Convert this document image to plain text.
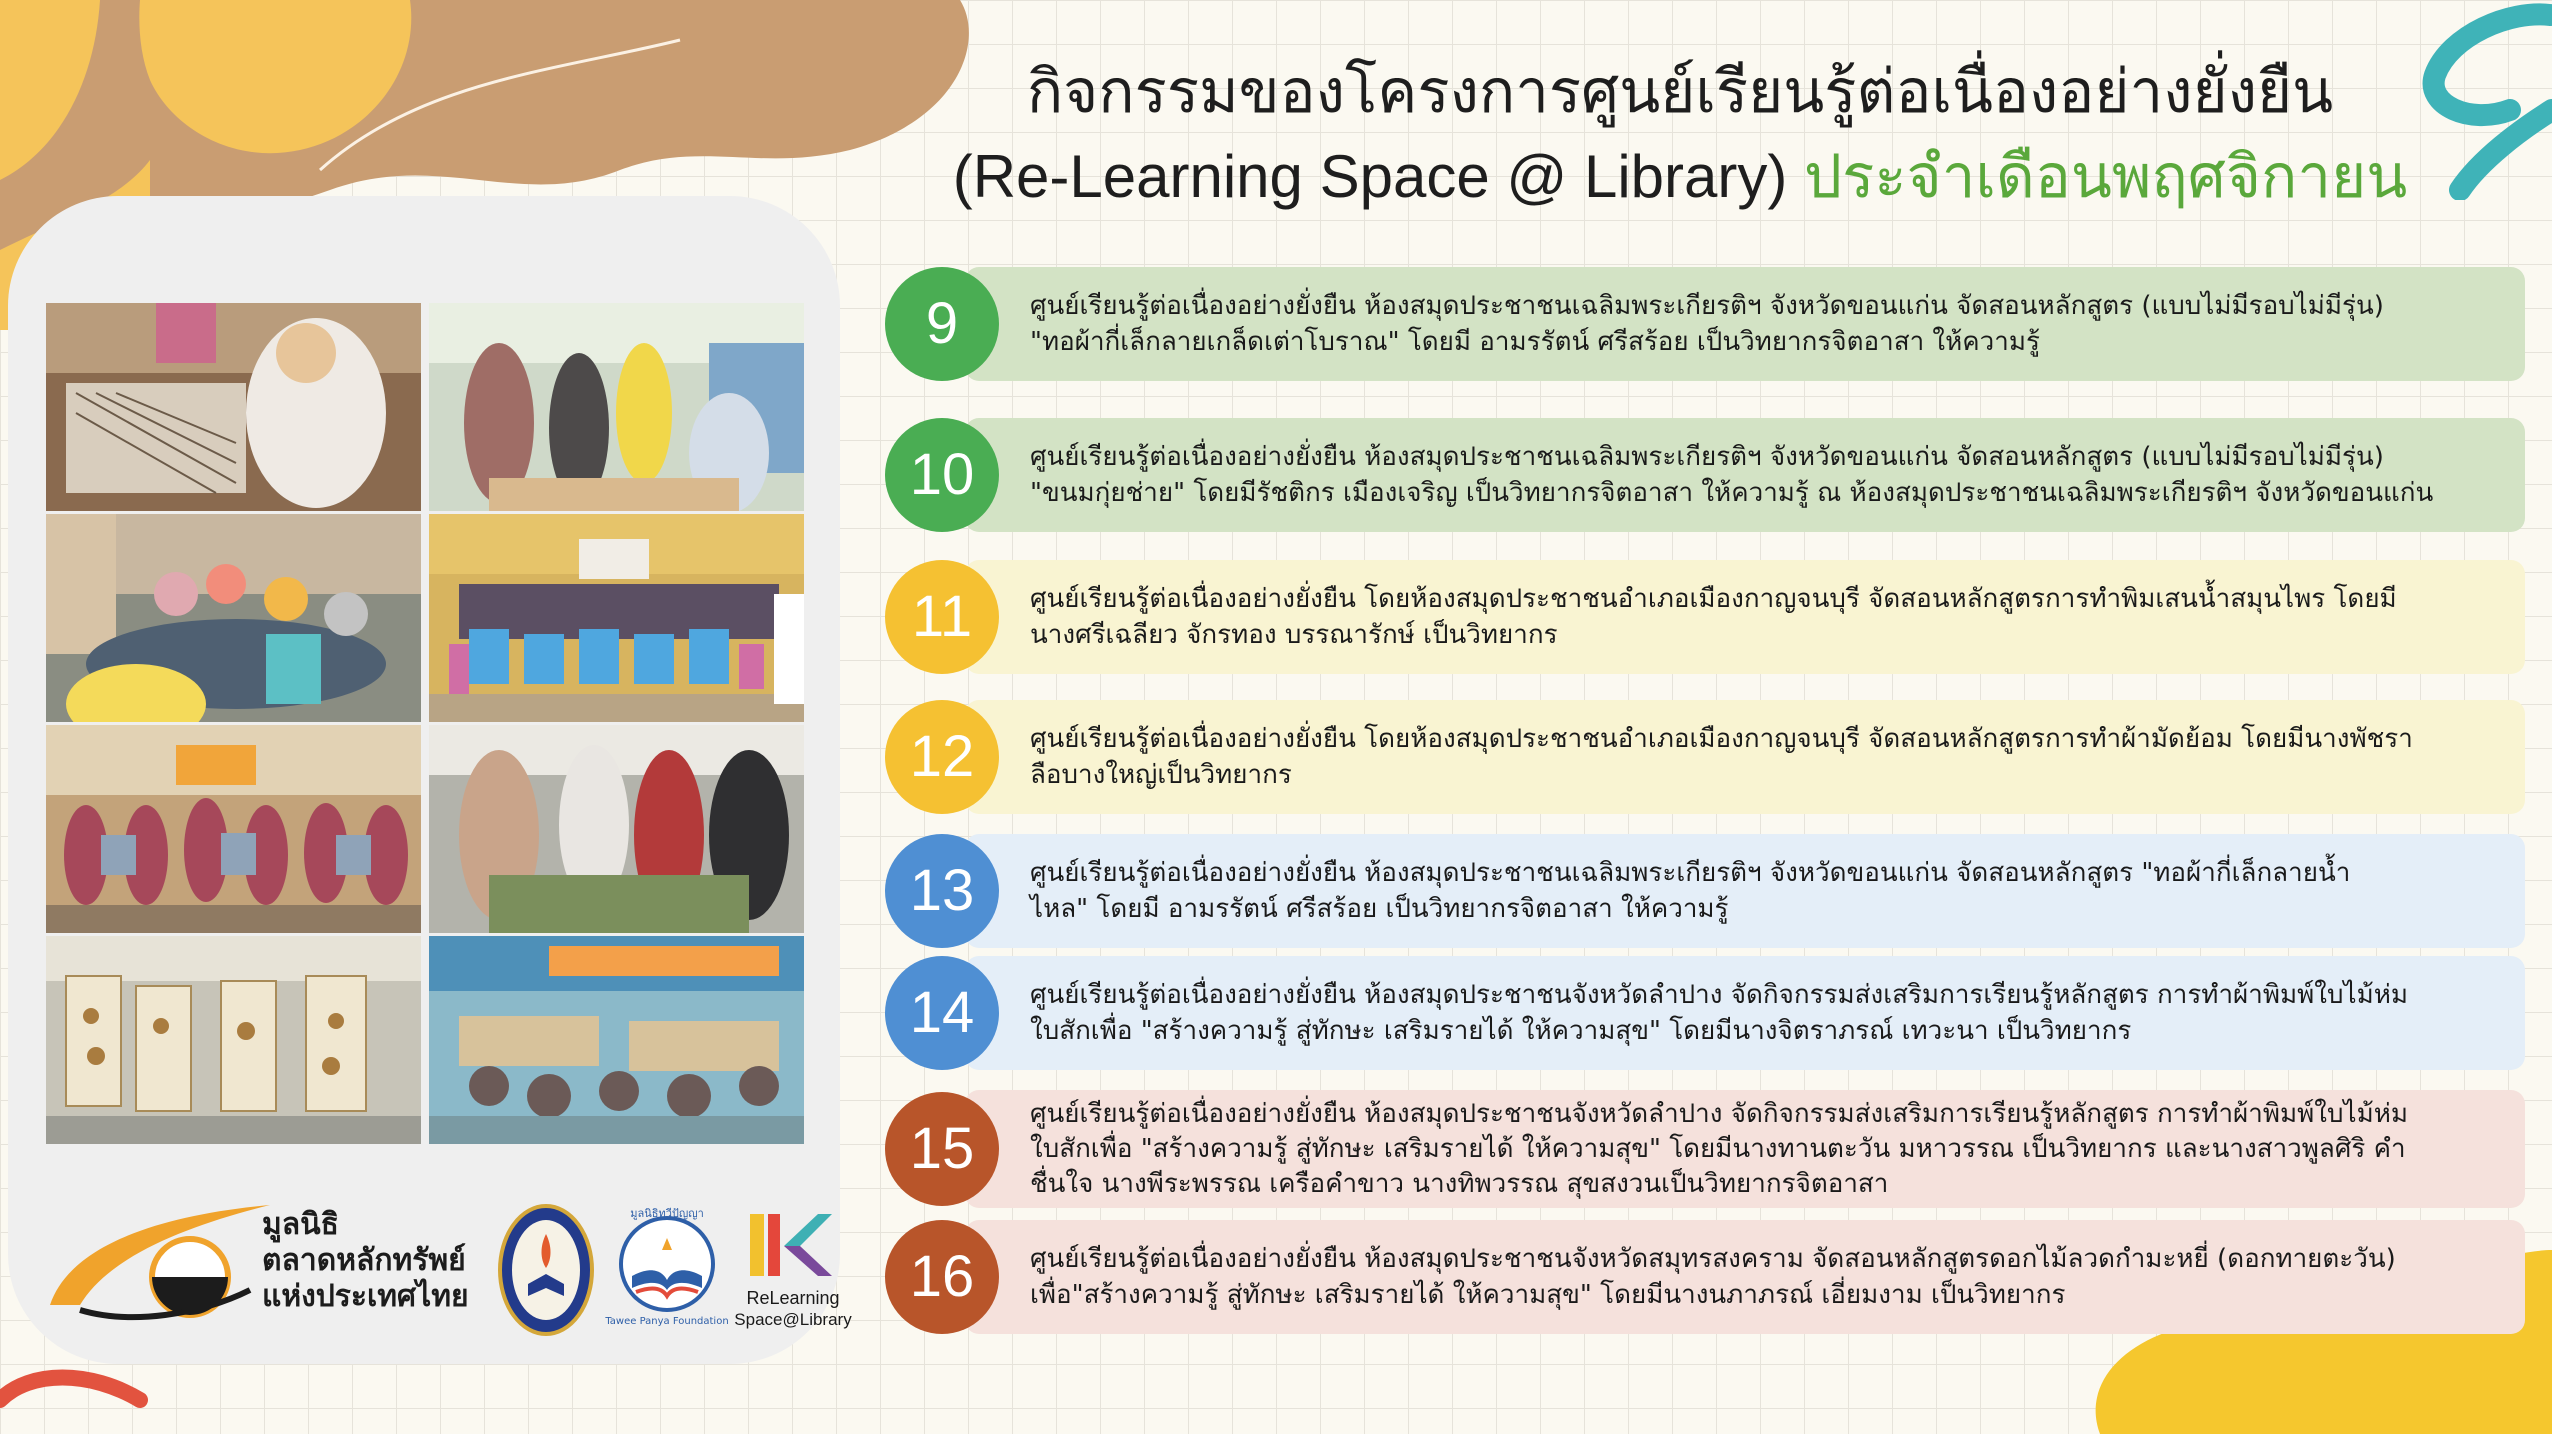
กิจกรรมของโครงการศูนย์เรียนรู้ต่อเนื่องอย่างยั่งยืน
(Re-Learning Space @ Library) ประจำเดือนพฤศจิกายน
มูลนิธิ
ตลาดหลักทรัพย์
แห่งประเทศไทย
มูลนิธิทวีปัญญา
Tawee Panya Foundation
ReLearning
Space@Library
9	ศูนย์เรียนรู้ต่อเนื่องอย่างยั่งยืน ห้องสมุดประชาชนเฉลิมพระเกียรติฯ จังหวัดขอนแก่น จัดสอนหลักสูตร (แบบไม่มีรอบไม่มีรุ่น)
"ทอผ้ากี่เล็กลายเกล็ดเต่าโบราณ" โดยมี อามรรัตน์ ศรีสร้อย เป็นวิทยากรจิตอาสา ให้ความรู้
10	ศูนย์เรียนรู้ต่อเนื่องอย่างยั่งยืน ห้องสมุดประชาชนเฉลิมพระเกียรติฯ จังหวัดขอนแก่น จัดสอนหลักสูตร (แบบไม่มีรอบไม่มีรุ่น)
"ขนมกุ่ยช่าย" โดยมีรัชติกร เมืองเจริญ เป็นวิทยากรจิตอาสา ให้ความรู้ ณ ห้องสมุดประชาชนเฉลิมพระเกียรติฯ จังหวัดขอนแก่น
11	ศูนย์เรียนรู้ต่อเนื่องอย่างยั่งยืน โดยห้องสมุดประชาชนอำเภอเมืองกาญจนบุรี จัดสอนหลักสูตรการทำพิมเสนน้ำสมุนไพร โดยมี
นางศรีเฉลียว จักรทอง บรรณารักษ์ เป็นวิทยากร
12	ศูนย์เรียนรู้ต่อเนื่องอย่างยั่งยืน โดยห้องสมุดประชาชนอำเภอเมืองกาญจนบุรี จัดสอนหลักสูตรการทำผ้ามัดย้อม โดยมีนางพัชรา
ลือบางใหญ่เป็นวิทยากร
13	ศูนย์เรียนรู้ต่อเนื่องอย่างยั่งยืน ห้องสมุดประชาชนเฉลิมพระเกียรติฯ จังหวัดขอนแก่น จัดสอนหลักสูตร "ทอผ้ากี่เล็กลายน้ำ
ไหล" โดยมี อามรรัตน์ ศรีสร้อย เป็นวิทยากรจิตอาสา ให้ความรู้
14	ศูนย์เรียนรู้ต่อเนื่องอย่างยั่งยืน ห้องสมุดประชาชนจังหวัดลำปาง จัดกิจกรรมส่งเสริมการเรียนรู้หลักสูตร การทำผ้าพิมพ์ใบไม้ห่ม
ใบสักเพื่อ "สร้างความรู้ สู่ทักษะ เสริมรายได้ ให้ความสุข" โดยมีนางจิตราภรณ์ เทวะนา เป็นวิทยากร
15
ศูนย์เรียนรู้ต่อเนื่องอย่างยั่งยืน ห้องสมุดประชาชนจังหวัดลำปาง จัดกิจกรรมส่งเสริมการเรียนรู้หลักสูตร การทำผ้าพิมพ์ใบไม้ห่ม
ใบสักเพื่อ "สร้างความรู้ สู่ทักษะ เสริมรายได้ ให้ความสุข" โดยมีนางทานตะวัน มหาวรรณ เป็นวิทยากร และนางสาวพูลศิริ คำ
ชื่นใจ นางพีระพรรณ เครือคำขาว นางทิพวรรณ สุขสงวนเป็นวิทยากรจิตอาสา
16	ศูนย์เรียนรู้ต่อเนื่องอย่างยั่งยืน ห้องสมุดประชาชนจังหวัดสมุทรสงคราม จัดสอนหลักสูตรดอกไม้ลวดกำมะหยี่ (ดอกทายตะวัน)
เพื่อ"สร้างความรู้ สู่ทักษะ เสริมรายได้ ให้ความสุข" โดยมีนางนภาภรณ์ เอี่ยมงาม เป็นวิทยากร
